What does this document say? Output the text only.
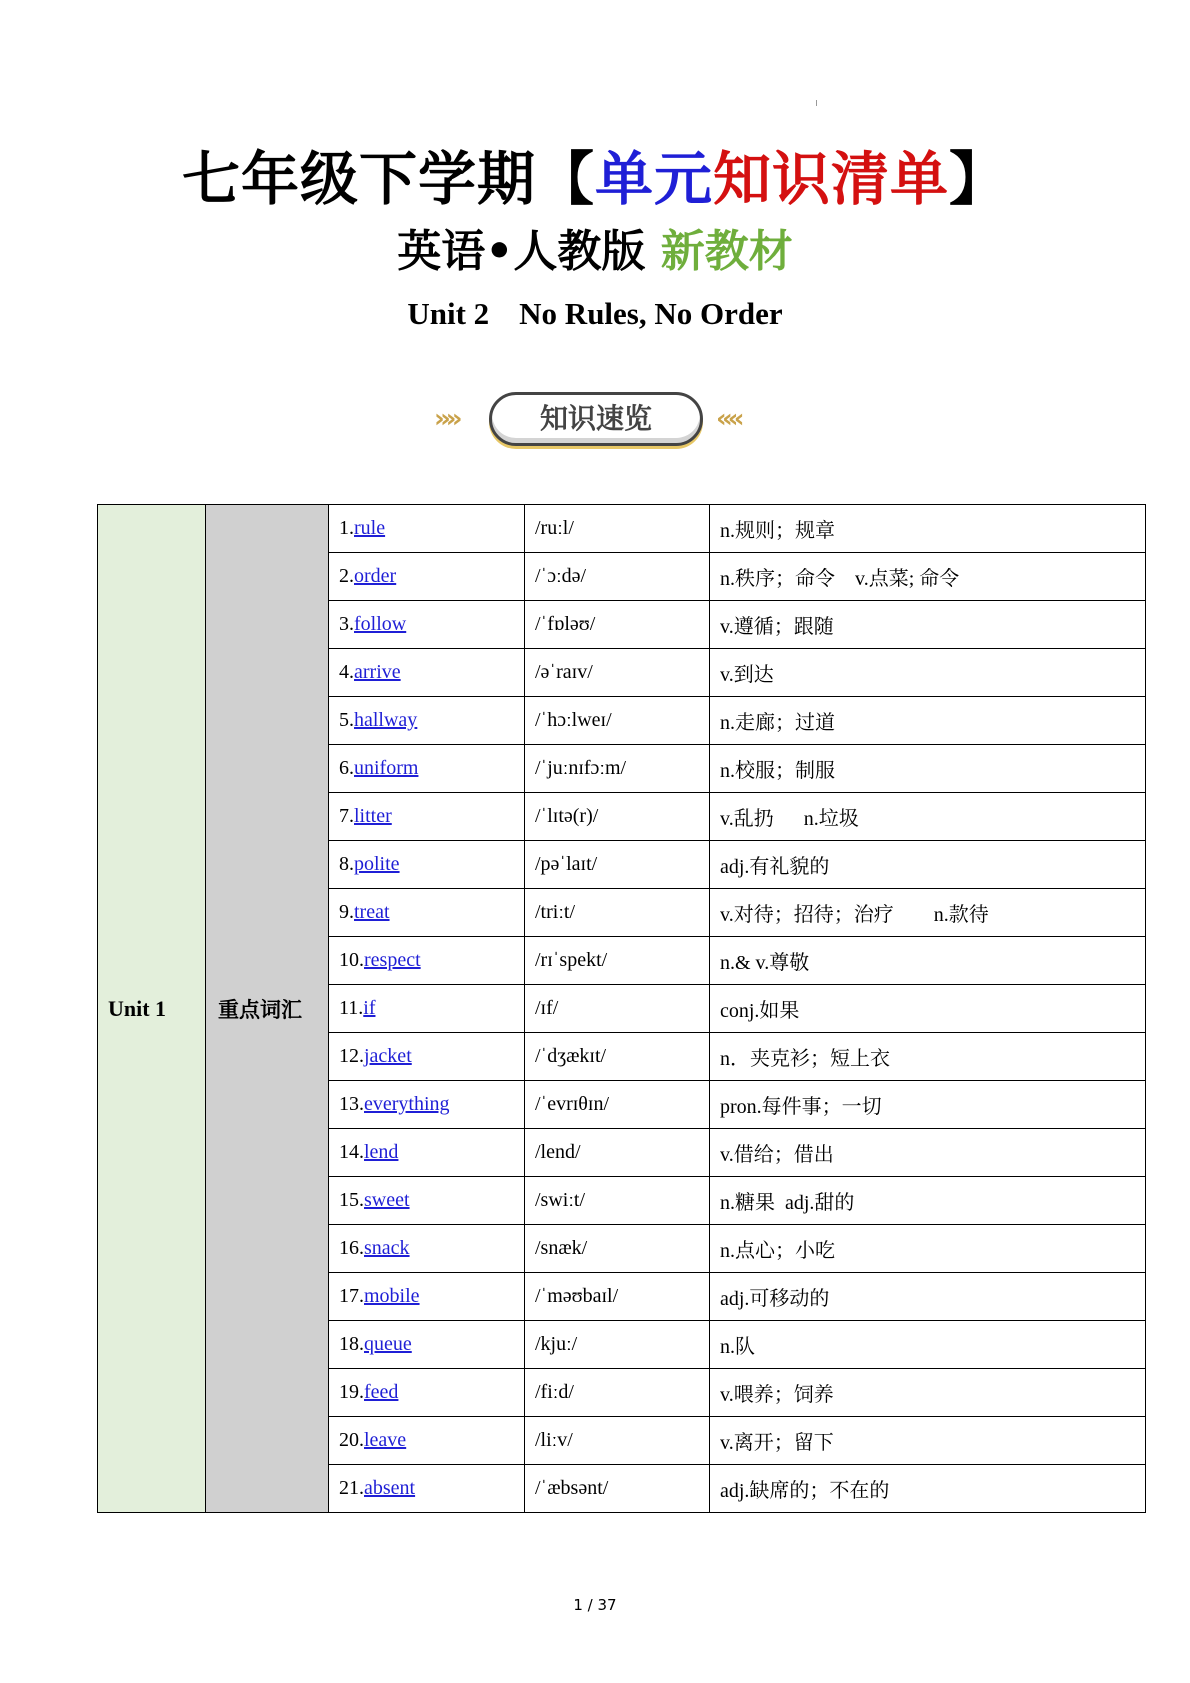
七年级下学期【单元知识清单】
英语•人教版 新教材
Unit 2 No Rules, No Order
»»	知识速览	««
Unit 1	重点词汇	1.rule	/ruːl/	n.规则；规章
		2.order	/ˈɔːdə/	n.秩序；命令    v.点菜; 命令
		3.follow	/ˈfɒləʊ/	v.遵循；跟随
		4.arrive	/əˈraɪv/	v.到达
		5.hallway	/ˈhɔːlweɪ/	n.走廊；过道
		6.uniform	/ˈjuːnɪfɔːm/	n.校服；制服
		7.litter	/ˈlɪtə(r)/	v.乱扔      n.垃圾
		8.polite	/pəˈlaɪt/	adj.有礼貌的
		9.treat	/triːt/	v.对待；招待；治疗        n.款待
		10.respect	/rɪˈspekt/	n.& v.尊敬
		11.if	/ɪf/	conj.如果
		12.jacket	/ˈdʒækɪt/	n．夹克衫；短上衣
		13.everything	/ˈevrɪθɪn/	pron.每件事；一切
		14.lend	/lend/	v.借给；借出
		15.sweet	/swiːt/	n.糖果  adj.甜的
		16.snack	/snæk/	n.点心；小吃
		17.mobile	/ˈməʊbaɪl/	adj.可移动的
		18.queue	/kjuː/	n.队
		19.feed	/fiːd/	v.喂养；饲养
		20.leave	/liːv/	v.离开；留下
		21.absent	/ˈæbsənt/	adj.缺席的；不在的
1 / 37
